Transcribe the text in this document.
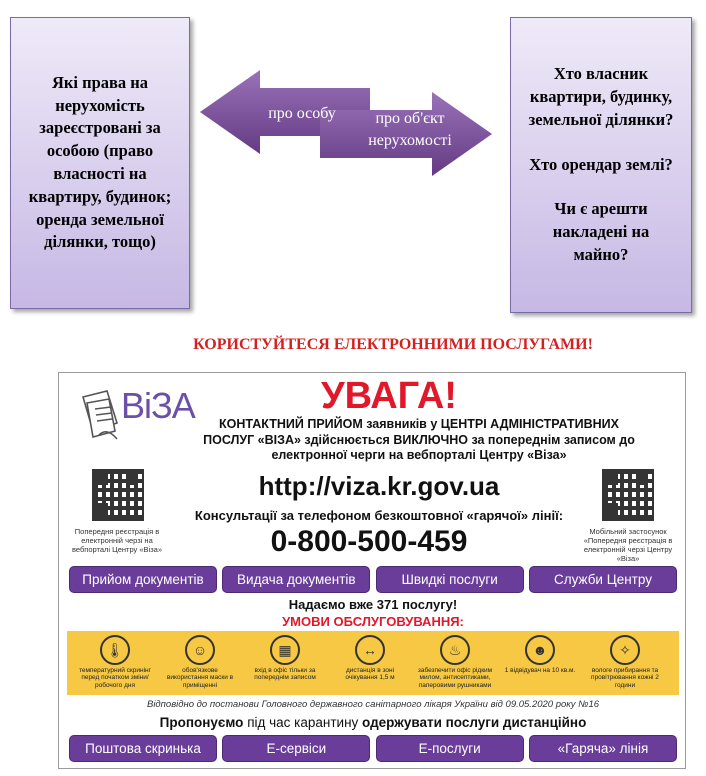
Які права на нерухомість зареєстровані за особою (право власності на квартиру, будинок; оренда земельної ділянки, тощо)
про особу	про об'єкт нерухомості

Хто власник квартири, будинку, земельної ділянки?

Хто орендар землі?

Чи є арешти накладені на майно?

КОРИСТУЙТЕСЯ ЕЛЕКТРОННИМИ ПОСЛУГАМИ!
ВіЗА	УВАГА!
КОНТАКТНИЙ ПРИЙОМ заявників у ЦЕНТРІ АДМІНІСТРАТИВНИХ ПОСЛУГ «ВІЗА» здійснюється ВИКЛЮЧНО за попереднім записом до електронної черги на вебпорталі Центру «Віза»
Попередня реєстрація в електронній черзі на вебпорталі Центру «Віза»
Мобільний застосунок «Попередня реєстрація в електронній черзі Центру «Віза»
http://viza.kr.gov.ua
Консультації за телефоном безкоштовної «гарячої» лінії:
0-800-500-459
Прийом документів	Видача документів	Швидкі послуги	Служби Центру
Надаємо вже 371 послугу!
УМОВИ ОБСЛУГОВУВАННЯ:
🌡
температурний скринінг перед початком зміни/робочого дня
☺
обов'язкове використання маски в приміщенні
▦
вхід в офіс тільки за попереднім записом
↔
дистанція в зоні очікування 1,5 м
♨
забезпечити офіс рідким милом, антисептиками, паперовими рушниками
☻
1 відвідувач на 10 кв.м.
✧
вологе прибирання та провітрювання кожні 2 години
Відповідно до постанови Головного державного санітарного лікаря України від 09.05.2020 року №16
Пропонуємо під час карантину одержувати послуги дистанційно
Поштова скринька	Е-сервіси	Е-послуги	«Гаряча» лінія
